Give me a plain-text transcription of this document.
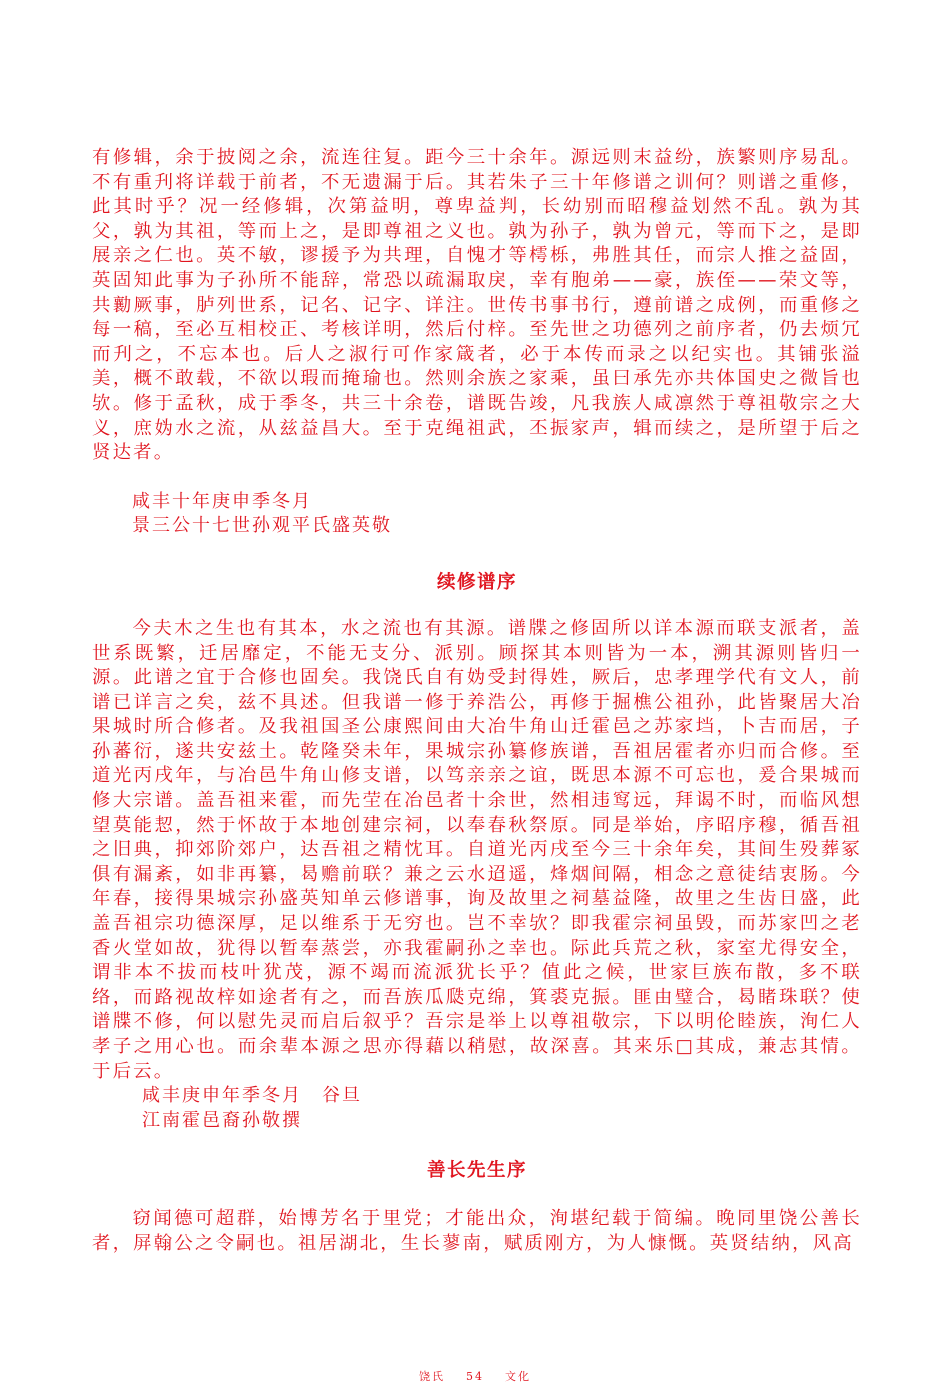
有修辑，余于披阅之余，流连往复。距今三十余年。源远则末益纷，族繁则序易乱。不有重刋将详载于前者，不无遗漏于后。其若朱子三十年修谱之训何？则谱之重修，此其时乎？况一经修辑，次第益明，尊卑益判，长幼别而昭穆益划然不乱。孰为其父，孰为其祖，等而上之，是即尊祖之义也。孰为孙子，孰为曾元，等而下之，是即展亲之仁也。英不敏，谬援予为共理，自愧才等樗栎，弗胜其任，而宗人推之益固，英固知此事为子孙所不能辞，常恐以疏漏取戾，幸有胞弟——豪，族侄——荣文等，共勷厥事，胪列世系，记名、记字、详注。世传书事书行，遵前谱之成例，而重修之每一稿，至必互相校正、考核详明，然后付梓。至先世之功德列之前序者，仍去烦冗而刋之，不忘本也。后人之淑行可作家箴者，必于本传而录之以纪实也。其铺张溢美，概不敢载，不欲以瑕而掩瑜也。然则余族之家乘，虽曰承先亦共体国史之微旨也欤。修于孟秋，成于季冬，共三十余卷，谱既告竣，凡我族人咸凛然于尊祖敬宗之大义，庶妫水之流，从兹益昌大。至于克绳祖武，丕振家声，辑而续之，是所望于后之贤达者。

咸丰十年庚申季冬月

景三公十七世孙观平氏盛英敬

续修谱序

今夫木之生也有其本，水之流也有其源。谱牒之修固所以详本源而联支派者，盖世系既繁，迁居靡定，不能无支分、派别。顾探其本则皆为一本，溯其源则皆归一源。此谱之宜于合修也固矣。我饶氏自有妫受封得姓，厥后，忠孝理学代有文人，前谱已详言之矣，兹不具述。但我谱一修于养浩公，再修于掘樵公祖孙，此皆聚居大冶果城时所合修者。及我祖国圣公康熙间由大冶牛角山迁霍邑之苏家垱，卜吉而居，子孙蕃衍，遂共安兹土。乾隆癸未年，果城宗孙纂修族谱，吾祖居霍者亦归而合修。至道光丙戌年，与冶邑牛角山修支谱，以笃亲亲之谊，既思本源不可忘也，爰合果城而修大宗谱。盖吾祖来霍，而先茔在冶邑者十余世，然相违窎远，拜谒不时，而临风想望莫能恝，然于怀故于本地创建宗祠，以奉春秋祭原。同是举始，序昭序穆，循吾祖之旧典，抑郊阶郊户，达吾祖之精忱耳。自道光丙戌至今三十余年矣，其间生殁葬冢俱有漏紊，如非再纂，曷赡前联？兼之云水迢遥，烽烟间隔，相念之意徒结衷肠。今年春，接得果城宗孙盛英知单云修谱事，询及故里之祠墓益隆，故里之生齿日盛，此盖吾祖宗功德深厚，足以维系于无穷也。岂不幸欤？即我霍宗祠虽毁，而苏家凹之老香火堂如故，犹得以暂奉蒸尝，亦我霍嗣孙之幸也。际此兵荒之秋，家室尤得安全，谓非本不拔而枝叶犹茂，源不竭而流派犹长乎？值此之候，世家巨族布散，多不联络，而路视故梓如途者有之，而吾族瓜瓞克绵，箕裘克振。匪由璧合，曷睹珠联？使谱牒不修，何以慰先灵而启后叙乎？吾宗是举上以尊祖敬宗，下以明伦睦族，洵仁人孝子之用心也。而余辈本源之思亦得藉以稍慰，故深喜。其来乐□其成，兼志其情。于后云。

咸丰庚申年季冬月　谷旦

江南霍邑裔孙敬撰

善长先生序

窃闻德可超群，始博芳名于里党；才能出众，洵堪纪载于简编。晚同里饶公善长者，屏翰公之令嗣也。祖居湖北，生长蓼南，赋质刚方，为人慷慨。英贤结纳，风高

饶氏 54 文化
